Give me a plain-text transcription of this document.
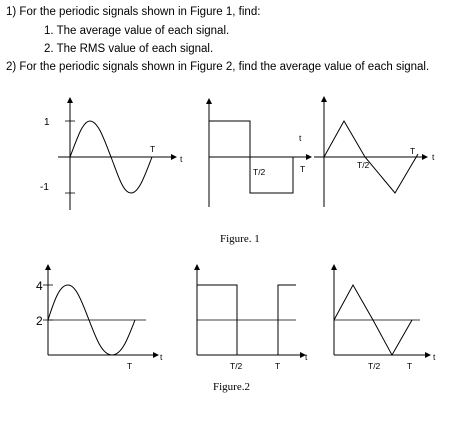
1) For the periodic signals shown in Figure 1, find:
1. The average value of each signal.
2. The RMS value of each signal.
2) For the periodic signals shown in Figure 2, find the average value of each signal.
1
-1
T
t
T/2	T
t
T/2
T
t
Figure. 1
4
2
T
t
T/2	T
t
T/2	T
t
Figure.2
